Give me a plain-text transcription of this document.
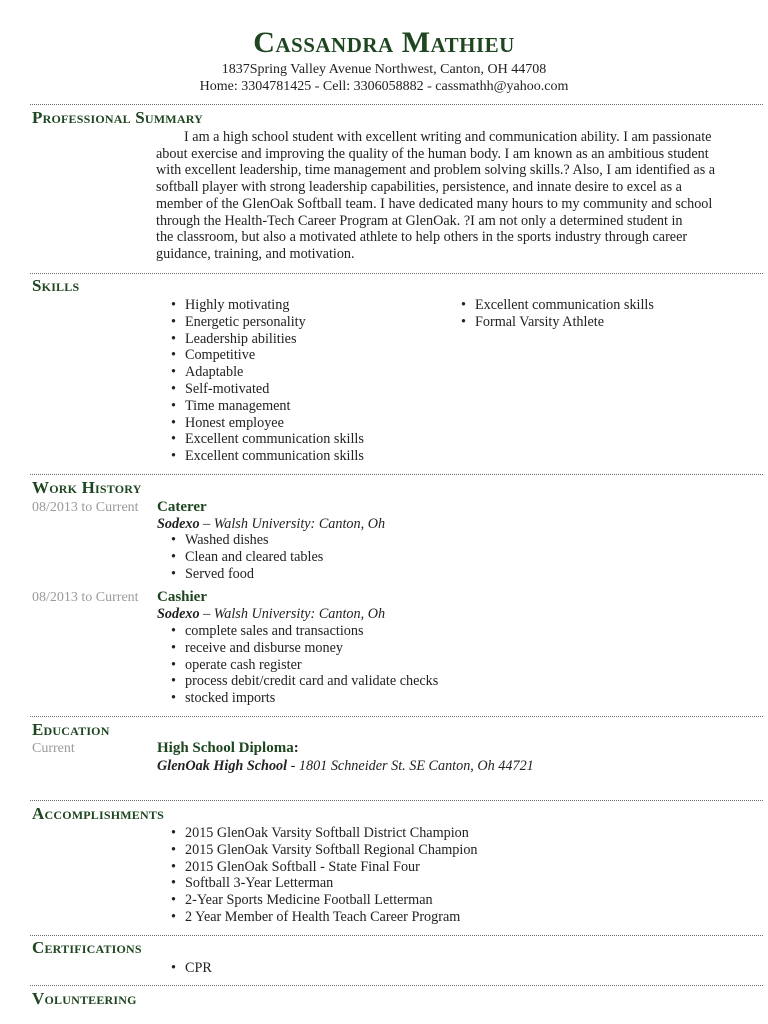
Cassandra Mathieu
1837Spring Valley Avenue Northwest, Canton, OH 44708
Home: 3304781425 - Cell: 3306058882 - cassmathh@yahoo.com
Professional Summary
I am a high school student with excellent writing and communication ability. I am passionate
about exercise and improving the quality of the human body. I am known as an ambitious student
with excellent leadership, time management and problem solving skills.? Also, I am identified as a
softball player with strong leadership capabilities, persistence, and innate desire to excel as a
member of the GlenOak Softball team. I have dedicated many hours to my community and school
through the Health-Tech Career Program at GlenOak. ?I am not only a determined student in
the classroom, but also a motivated athlete to help others in the sports industry through career
guidance, training, and motivation.
Skills
• Highly motivating
• Energetic personality
• Leadership abilities
• Competitive
• Adaptable
• Self-motivated
• Time management
• Honest employee
• Excellent communication skills
• Excellent communication skills
• Excellent communication skills
• Formal Varsity Athlete
Work History
08/2013 to Current Caterer
Sodexo – Walsh University: Canton, Oh
• Washed dishes
• Clean and cleared tables
• Served food
08/2013 to Current Cashier
Sodexo – Walsh University: Canton, Oh
• complete sales and transactions
• receive and disburse money
• operate cash register
• process debit/credit card and validate checks
• stocked imports
Education
Current	High School Diploma:
GlenOak High School - 1801 Schneider St. SE Canton, Oh 44721
Accomplishments
• 2015 GlenOak Varsity Softball District Champion
• 2015 GlenOak Varsity Softball Regional Champion
• 2015 GlenOak Softball - State Final Four
• Softball 3-Year Letterman
• 2-Year Sports Medicine Football Letterman
• 2 Year Member of Health Teach Career Program
Certifications
• CPR
Volunteering
